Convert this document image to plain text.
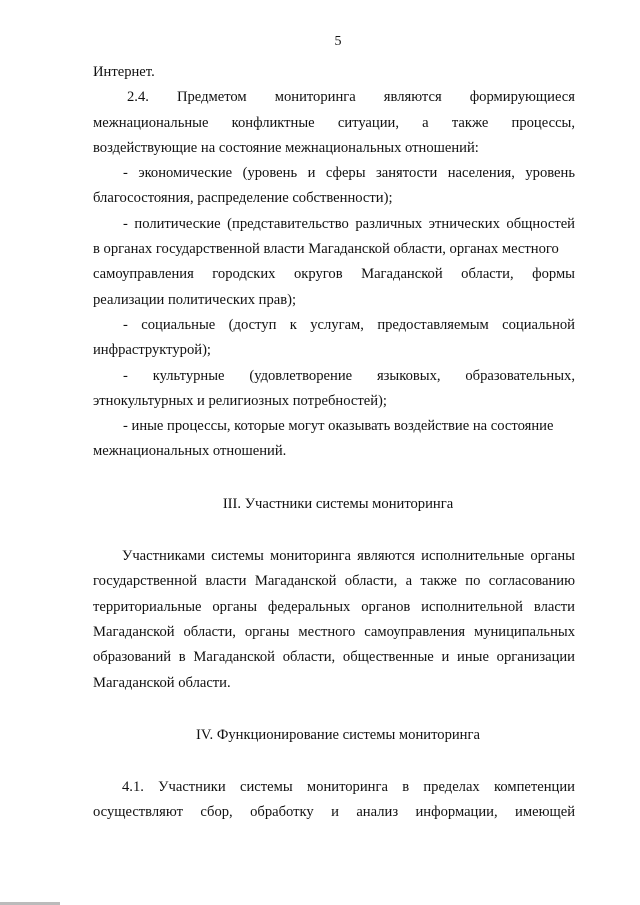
5
Интернет.
2.4. Предметом мониторинга являются формирующиеся
межнациональные конфликтные ситуации, а также процессы,
воздействующие на состояние межнациональных отношений:
- экономические (уровень и сферы занятости населения, уровень
благосостояния, распределение собственности);
- политические (представительство различных этнических общностей
в органах государственной власти Магаданской области, органах местного
самоуправления городских округов Магаданской области, формы
реализации политических прав);
- социальные (доступ к услугам, предоставляемым социальной
инфраструктурой);
- культурные (удовлетворение языковых, образовательных,
этнокультурных и религиозных потребностей);
- иные процессы, которые могут оказывать воздействие на состояние
межнациональных отношений.
III. Участники системы мониторинга
Участниками системы мониторинга являются исполнительные органы
государственной власти Магаданской области, а также по согласованию
территориальные органы федеральных органов исполнительной власти
Магаданской области, органы местного самоуправления муниципальных
образований в Магаданской области, общественные и иные организации
Магаданской области.
IV. Функционирование системы мониторинга
4.1. Участники системы мониторинга в пределах компетенции
осуществляют сбор, обработку и анализ информации, имеющей
